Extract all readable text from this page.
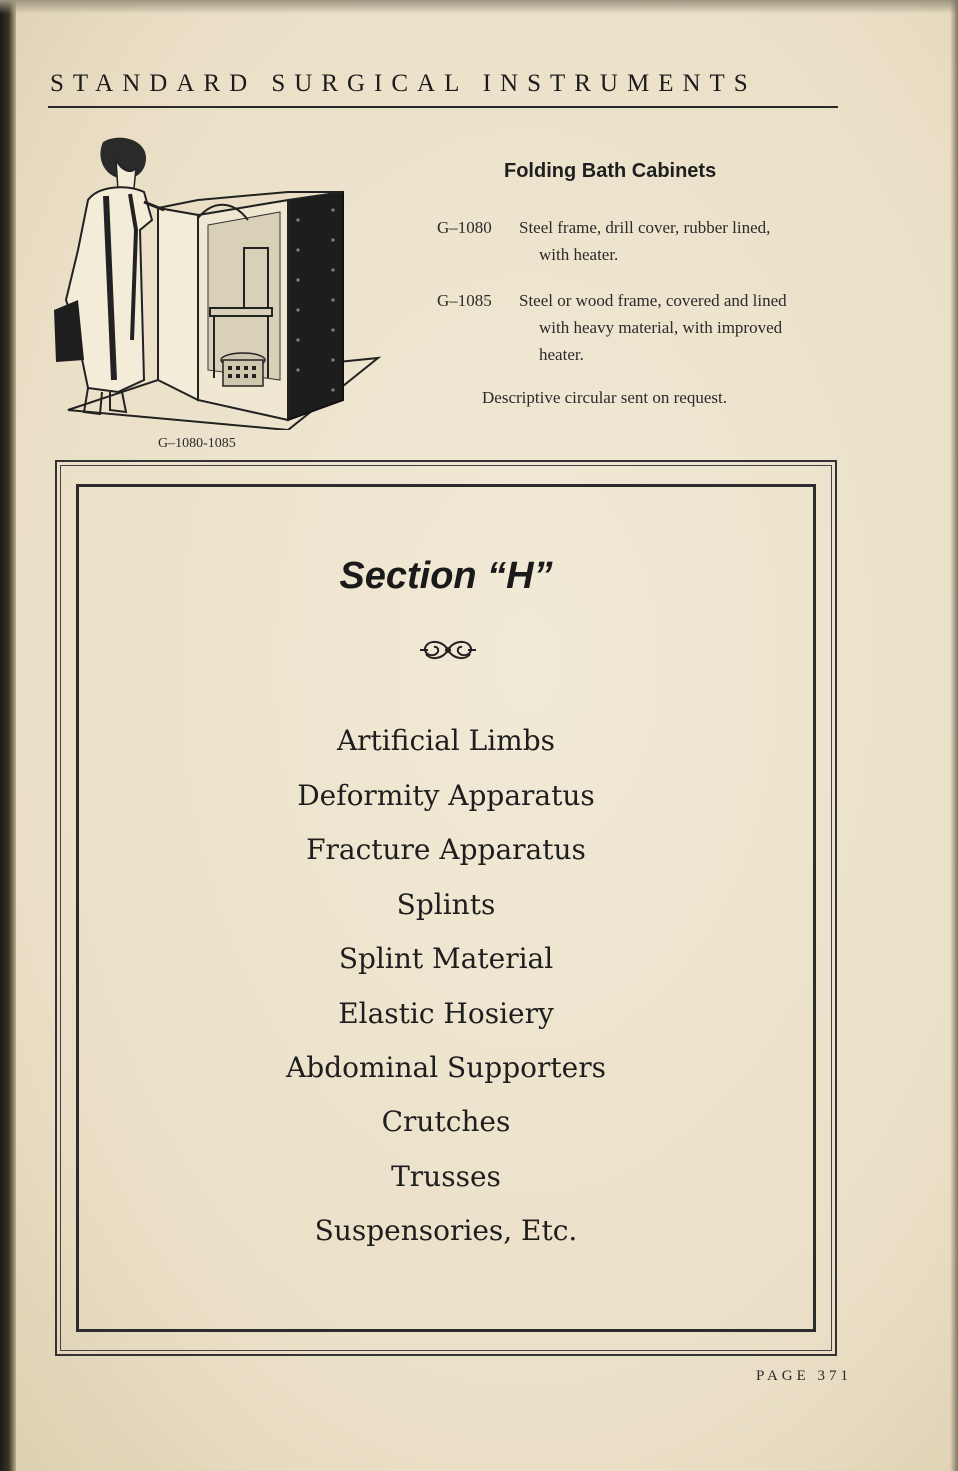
STANDARD SURGICAL INSTRUMENTS
G–1080-1085
Folding Bath Cabinets
G–1080	Steel frame, drill cover, rubber lined,
with heater.
G–1085	Steel or wood frame, covered and lined
with heavy material, with improved
heater.
Descriptive circular sent on request.
Section “H”
Artificial Limbs
Deformity Apparatus
Fracture Apparatus
Splints
Splint Material
Elastic Hosiery
Abdominal Supporters
Crutches
Trusses
Suspensories, Etc.
PAGE 371
